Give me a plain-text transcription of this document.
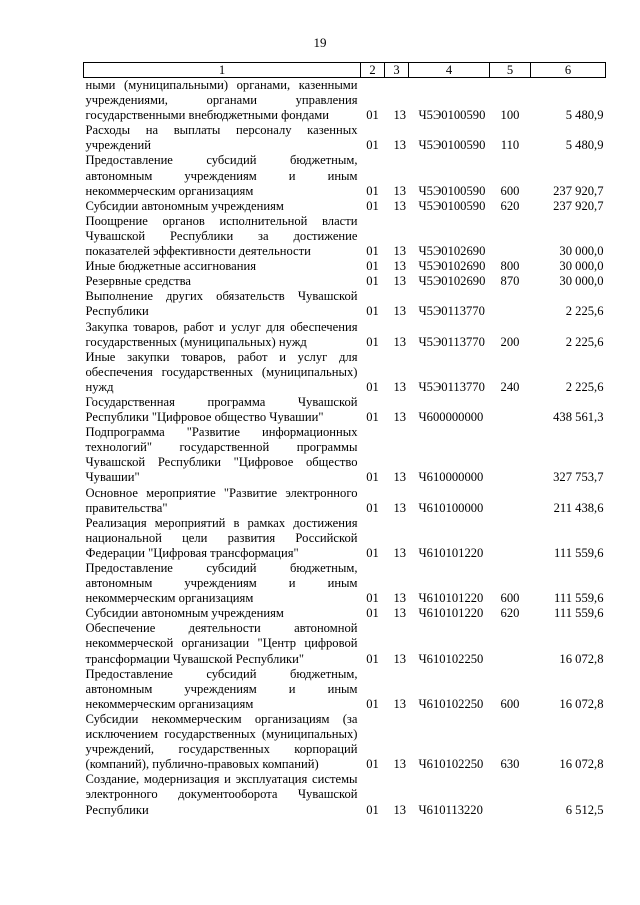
19
1	2	3	4	5	6
ными (муниципальными) органами, казенными учреждениями, органами управления государственными внебюджетными фондами	01	13	Ч5Э0100590	100	5 480,9
Расходы на выплаты персоналу казенных учреждений	01	13	Ч5Э0100590	110	5 480,9
Предоставление субсидий бюджетным, автономным учреждениям и иным некоммерческим организациям	01	13	Ч5Э0100590	600	237 920,7
Субсидии автономным учреждениям	01	13	Ч5Э0100590	620	237 920,7
Поощрение органов исполнительной власти Чувашской Республики за достижение показателей эффективности деятельности	01	13	Ч5Э0102690		30 000,0
Иные бюджетные ассигнования	01	13	Ч5Э0102690	800	30 000,0
Резервные средства	01	13	Ч5Э0102690	870	30 000,0
Выполнение других обязательств Чувашской Республики	01	13	Ч5Э0113770		2 225,6
Закупка товаров, работ и услуг для обеспечения государственных (муниципальных) нужд	01	13	Ч5Э0113770	200	2 225,6
Иные закупки товаров, работ и услуг для обеспечения государственных (муниципальных) нужд	01	13	Ч5Э0113770	240	2 225,6
Государственная программа Чувашской Республики "Цифровое общество Чувашии"	01	13	Ч600000000		438 561,3
Подпрограмма "Развитие информационных технологий" государственной программы Чувашской Республики "Цифровое общество Чувашии"	01	13	Ч610000000		327 753,7
Основное мероприятие "Развитие электронного правительства"	01	13	Ч610100000		211 438,6
Реализация мероприятий в рамках достижения национальной цели развития Российской Федерации "Цифровая трансформация"	01	13	Ч610101220		111 559,6
Предоставление субсидий бюджетным, автономным учреждениям и иным некоммерческим организациям	01	13	Ч610101220	600	111 559,6
Субсидии автономным учреждениям	01	13	Ч610101220	620	111 559,6
Обеспечение деятельности автономной некоммерческой организации "Центр цифровой трансформации Чувашской Республики"	01	13	Ч610102250		16 072,8
Предоставление субсидий бюджетным, автономным учреждениям и иным некоммерческим организациям	01	13	Ч610102250	600	16 072,8
Субсидии некоммерческим организациям (за исключением государственных (муниципальных) учреждений, государственных корпораций (компаний), публично-правовых компаний)	01	13	Ч610102250	630	16 072,8
Создание, модернизация и эксплуатация системы электронного документооборота Чувашской Республики	01	13	Ч610113220		6 512,5
